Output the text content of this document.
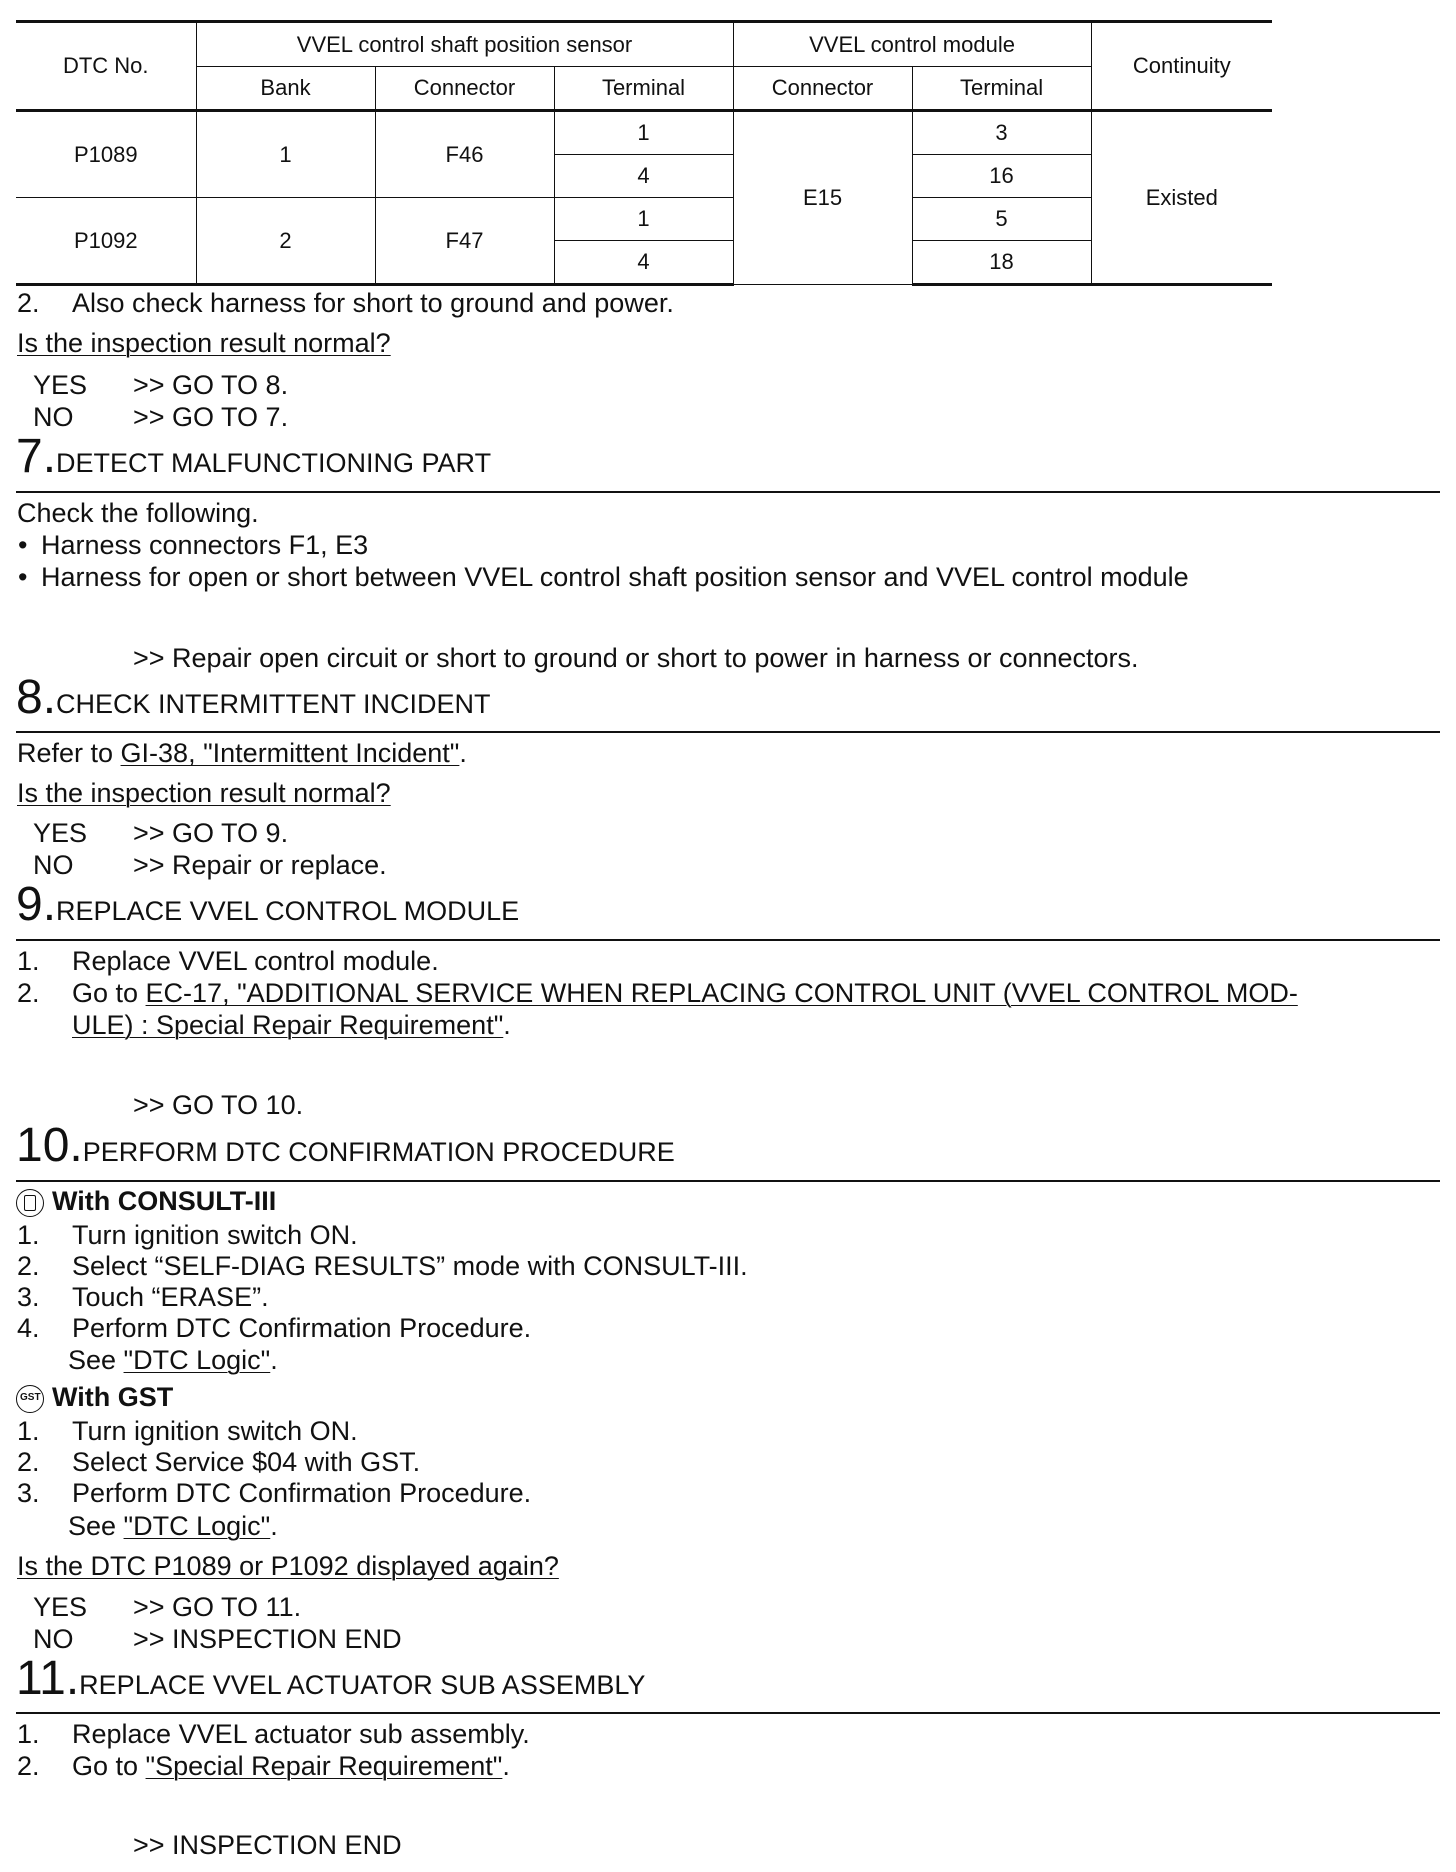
DTC No.	VVEL control shaft position sensor			VVEL control module		Continuity
	Bank	Connector	Terminal	Connector	Terminal	
P1089	1	F46	1	E15	3	Existed
			4		16	
P1092	2	F47	1		5	
			4		18	
2. Also check harness for short to ground and power.
Is the inspection result normal?
YES >> GO TO 8.
NO >> GO TO 7.
7.DETECT MALFUNCTIONING PART
Check the following.
• Harness connectors F1, E3
• Harness for open or short between VVEL control shaft position sensor and VVEL control module
>> Repair open circuit or short to ground or short to power in harness or connectors.
8.CHECK INTERMITTENT INCIDENT
Refer to GI-38, "Intermittent Incident".
Is the inspection result normal?
YES >> GO TO 9.
NO >> Repair or replace.
9.REPLACE VVEL CONTROL MODULE
1. Replace VVEL control module.
2. Go to EC-17, "ADDITIONAL SERVICE WHEN REPLACING CONTROL UNIT (VVEL CONTROL MOD-
ULE) : Special Repair Requirement".
>> GO TO 10.
10.PERFORM DTC CONFIRMATION PROCEDURE
With CONSULT-III
1. Turn ignition switch ON.
2. Select “SELF-DIAG RESULTS” mode with CONSULT-III.
3. Touch “ERASE”.
4. Perform DTC Confirmation Procedure.
See "DTC Logic".
GST With GST
1. Turn ignition switch ON.
2. Select Service $04 with GST.
3. Perform DTC Confirmation Procedure.
See "DTC Logic".
Is the DTC P1089 or P1092 displayed again?
YES >> GO TO 11.
NO >> INSPECTION END
11.REPLACE VVEL ACTUATOR SUB ASSEMBLY
1. Replace VVEL actuator sub assembly.
2. Go to "Special Repair Requirement".
>> INSPECTION END
